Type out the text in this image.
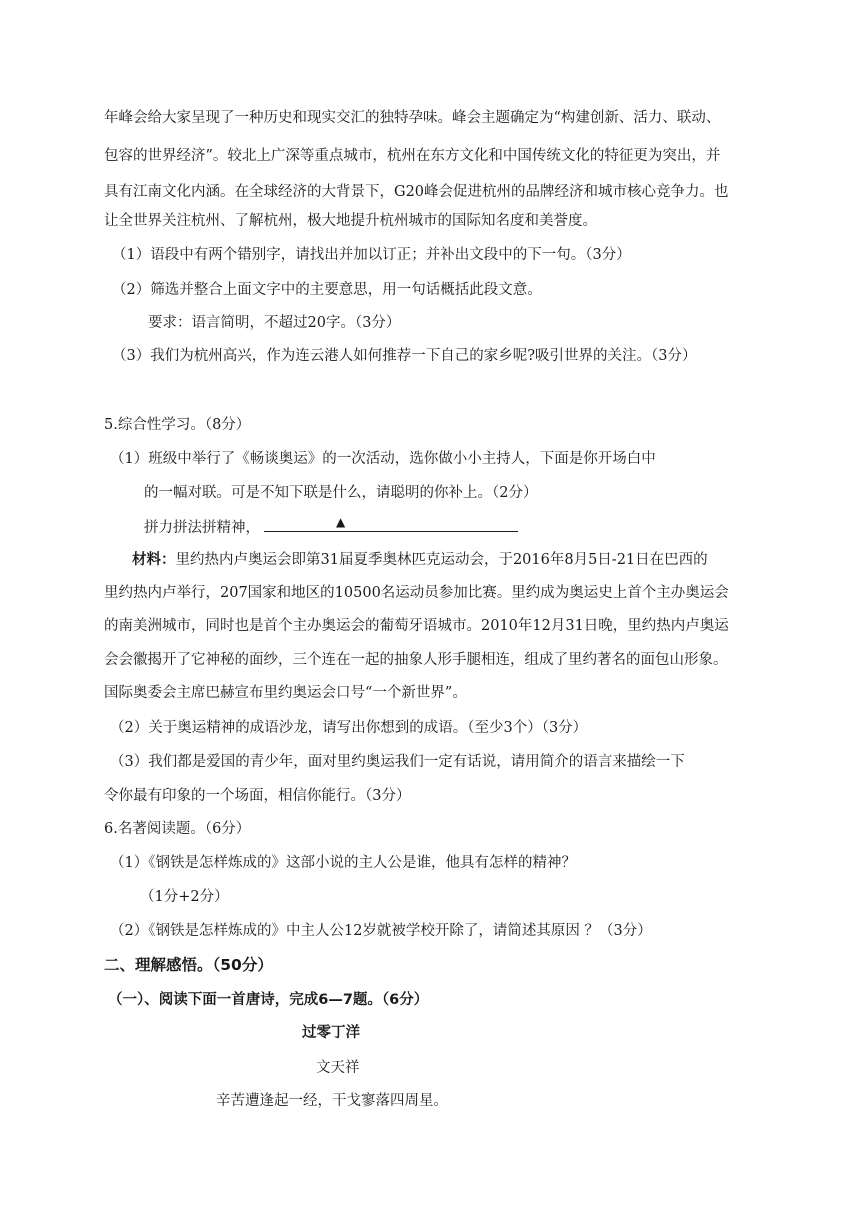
年峰会给大家呈现了一种历史和现实交汇的独特孕味。峰会主题确定为“构建创新、活力、联动、
包容的世界经济”。较北上广深等重点城市，杭州在东方文化和中国传统文化的特征更为突出，并
具有江南文化内涵。在全球经济的大背景下，G20峰会促进杭州的品牌经济和城市核心竞争力。也
让全世界关注杭州、了解杭州，极大地提升杭州城市的国际知名度和美誉度。
（1）语段中有两个错别字，请找出并加以订正；并补出文段中的下一句。（3分）
（2）筛选并整合上面文字中的主要意思，用一句话概括此段文意。
要求：语言简明，不超过20字。（3分）
（3）我们为杭州高兴，作为连云港人如何推荐一下自己的家乡呢?吸引世界的关注。（3分）
5.综合性学习。（8分）
（1）班级中举行了《畅谈奥运》的一次活动，选你做小小主持人，下面是你开场白中
的一幅对联。可是不知下联是什么，请聪明的你补上。（2分）
拼力拼法拼精神，	▲
材料：里约热内卢奥运会即第31届夏季奥林匹克运动会，于2016年8月5日-21日在巴西的
里约热内卢举行，207国家和地区的10500名运动员参加比赛。里约成为奥运史上首个主办奥运会
的南美洲城市，同时也是首个主办奥运会的葡萄牙语城市。2010年12月31日晚，里约热内卢奥运
会会徽揭开了它神秘的面纱，三个连在一起的抽象人形手腿相连，组成了里约著名的面包山形象。
国际奥委会主席巴赫宣布里约奥运会口号“一个新世界”。
（2）关于奥运精神的成语沙龙，请写出你想到的成语。（至少3个）（3分）
（3）我们都是爱国的青少年，面对里约奥运我们一定有话说，请用简介的语言来描绘一下
令你最有印象的一个场面，相信你能行。（3分）
6.名著阅读题。（6分）
（1）《钢铁是怎样炼成的》这部小说的主人公是谁，他具有怎样的精神？
（1分+2分）
（2）《钢铁是怎样炼成的》中主人公12岁就被学校开除了，请简述其原因 ？（3分）
二、理解感悟。（50分）
（一）、阅读下面一首唐诗，完成6—7题。（6分）
过零丁洋
文天祥
辛苦遭逢起一经，干戈寥落四周星。
